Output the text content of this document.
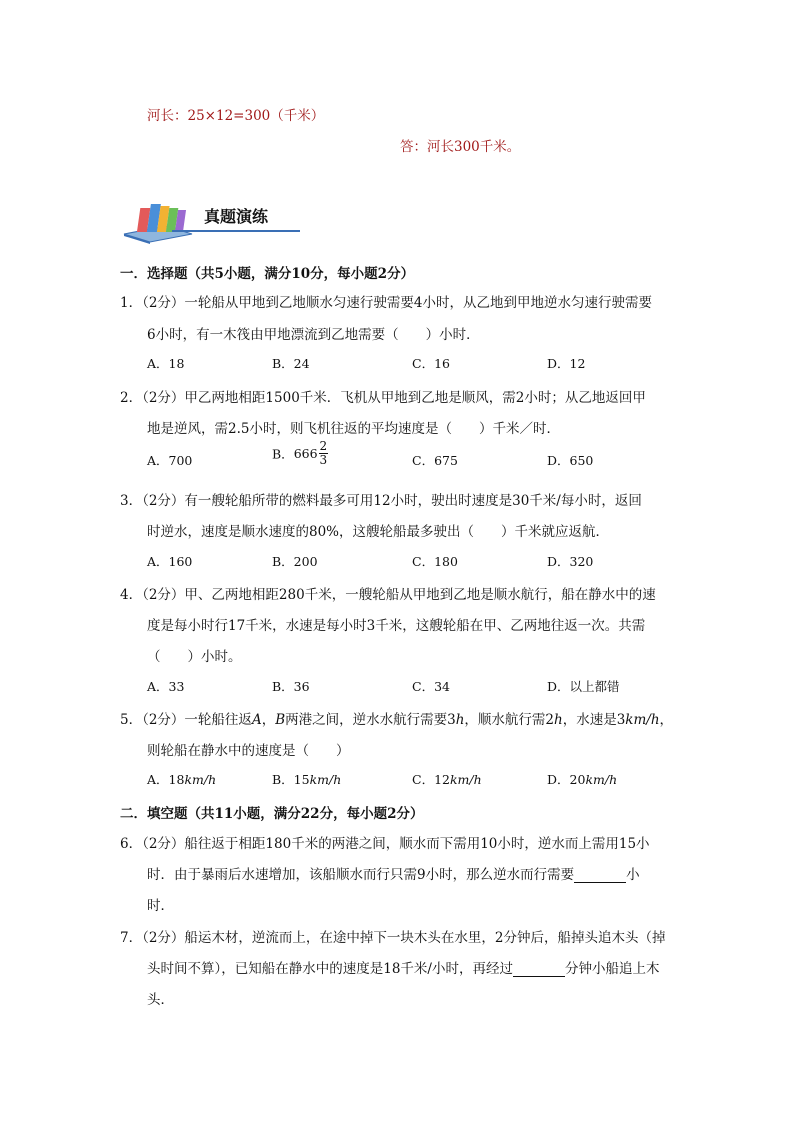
河长：25×12=300（千米）
答：河长300千米。
真题演练
一．选择题（共5小题，满分10分，每小题2分）
1．（2分）一轮船从甲地到乙地顺水匀速行驶需要4小时，从乙地到甲地逆水匀速行驶需要
6小时，有一木筏由甲地漂流到乙地需要（　　）小时．
A．18	B．24	C．16	D．12
2．（2分）甲乙两地相距1500千米．飞机从甲地到乙地是顺风，需2小时；从乙地返回甲
地是逆风，需2.5小时，则飞机往返的平均速度是（　　）千米／时．
A．700	B．$666 \frac{2}{3}$	C．675	D．650
3．（2分）有一艘轮船所带的燃料最多可用12小时，驶出时速度是30千米/每小时，返回
时逆水，速度是顺水速度的80%，这艘轮船最多驶出（　　）千米就应返航．
A．160	B．200	C．180	D．320
4．（2分）甲、乙两地相距280千米，一艘轮船从甲地到乙地是顺水航行，船在静水中的速
度是每小时行17千米，水速是每小时3千米，这艘轮船在甲、乙两地往返一次。共需
（　　）小时。
A．33	B．36	C．34	D．以上都错
5．（2分）一轮船往返A，B两港之间，逆水水航行需要3h，顺水航行需2h，水速是3km/h，
则轮船在静水中的速度是（　　）
A．18km/h	B．15km/h	C．12km/h	D．20km/h
二．填空题（共11小题，满分22分，每小题2分）
6．（2分）船往返于相距180千米的两港之间，顺水而下需用10小时，逆水而上需用15小
时．由于暴雨后水速增加，该船顺水而行只需9小时，那么逆水而行需要	小
时．
7．（2分）船运木材，逆流而上，在途中掉下一块木头在水里，2分钟后，船掉头追木头（掉
头时间不算），已知船在静水中的速度是18千米/小时，再经过	分钟小船追上木
头．
